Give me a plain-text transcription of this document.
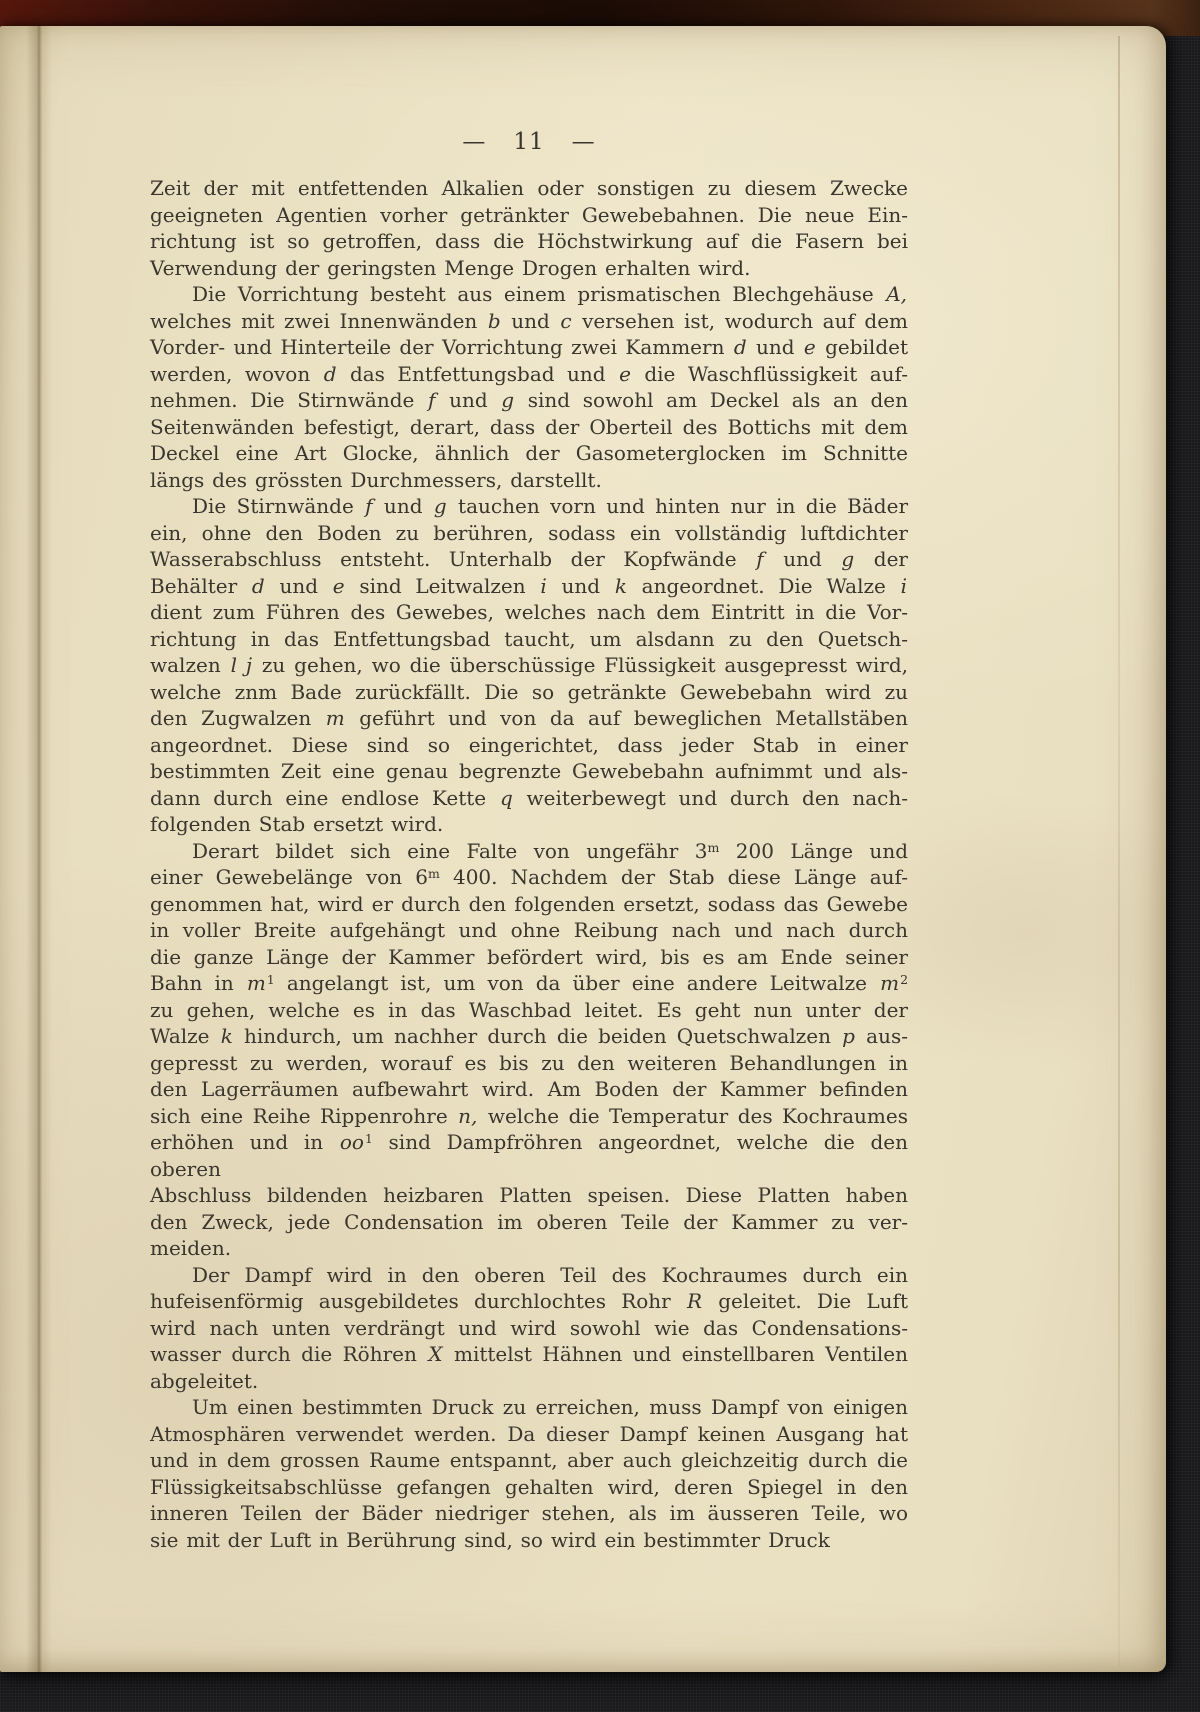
— 11 —
Zeit der mit entfettenden Alkalien oder sonstigen zu diesem Zwecke
geeigneten Agentien vorher getränkter Gewebebahnen. Die neue Ein-
richtung ist so getroffen, dass die Höchstwirkung auf die Fasern bei
Verwendung der geringsten Menge Drogen erhalten wird.
Die Vorrichtung besteht aus einem prismatischen Blechgehäuse A,
welches mit zwei Innenwänden b und c versehen ist, wodurch auf dem
Vorder- und Hinterteile der Vorrichtung zwei Kammern d und e gebildet
werden, wovon d das Entfettungsbad und e die Waschflüssigkeit auf-
nehmen. Die Stirnwände f und g sind sowohl am Deckel als an den
Seitenwänden befestigt, derart, dass der Oberteil des Bottichs mit dem
Deckel eine Art Glocke, ähnlich der Gasometerglocken im Schnitte
längs des grössten Durchmessers, darstellt.
Die Stirnwände f und g tauchen vorn und hinten nur in die Bäder
ein, ohne den Boden zu berühren, sodass ein vollständig luftdichter
Wasserabschluss entsteht. Unterhalb der Kopfwände f und g der
Behälter d und e sind Leitwalzen i und k angeordnet. Die Walze i
dient zum Führen des Gewebes, welches nach dem Eintritt in die Vor-
richtung in das Entfettungsbad taucht, um alsdann zu den Quetsch-
walzen l j zu gehen, wo die überschüssige Flüssigkeit ausgepresst wird,
welche znm Bade zurückfällt. Die so getränkte Gewebebahn wird zu
den Zugwalzen m geführt und von da auf beweglichen Metallstäben
angeordnet. Diese sind so eingerichtet, dass jeder Stab in einer
bestimmten Zeit eine genau begrenzte Gewebebahn aufnimmt und als-
dann durch eine endlose Kette q weiterbewegt und durch den nach-
folgenden Stab ersetzt wird.
Derart bildet sich eine Falte von ungefähr 3$^m$ 200 Länge und
einer Gewebelänge von 6$^m$ 400. Nachdem der Stab diese Länge auf-
genommen hat, wird er durch den folgenden ersetzt, sodass das Gewebe
in voller Breite aufgehängt und ohne Reibung nach und nach durch
die ganze Länge der Kammer befördert wird, bis es am Ende seiner
Bahn in $m^1$ angelangt ist, um von da über eine andere Leitwalze $m^2$
zu gehen, welche es in das Waschbad leitet. Es geht nun unter der
Walze k hindurch, um nachher durch die beiden Quetschwalzen p aus-
gepresst zu werden, worauf es bis zu den weiteren Behandlungen in
den Lagerräumen aufbewahrt wird. Am Boden der Kammer befinden
sich eine Reihe Rippenrohre n, welche die Temperatur des Kochraumes
erhöhen und in $oo^1$ sind Dampfröhren angeordnet, welche die den oberen
Abschluss bildenden heizbaren Platten speisen. Diese Platten haben
den Zweck, jede Condensation im oberen Teile der Kammer zu ver-
meiden.
Der Dampf wird in den oberen Teil des Kochraumes durch ein
hufeisenförmig ausgebildetes durchlochtes Rohr R geleitet. Die Luft
wird nach unten verdrängt und wird sowohl wie das Condensations-
wasser durch die Röhren X mittelst Hähnen und einstellbaren Ventilen
abgeleitet.
Um einen bestimmten Druck zu erreichen, muss Dampf von einigen
Atmosphären verwendet werden. Da dieser Dampf keinen Ausgang hat
und in dem grossen Raume entspannt, aber auch gleichzeitig durch die
Flüssigkeitsabschlüsse gefangen gehalten wird, deren Spiegel in den
inneren Teilen der Bäder niedriger stehen, als im äusseren Teile, wo
sie mit der Luft in Berührung sind, so wird ein bestimmter Druck
